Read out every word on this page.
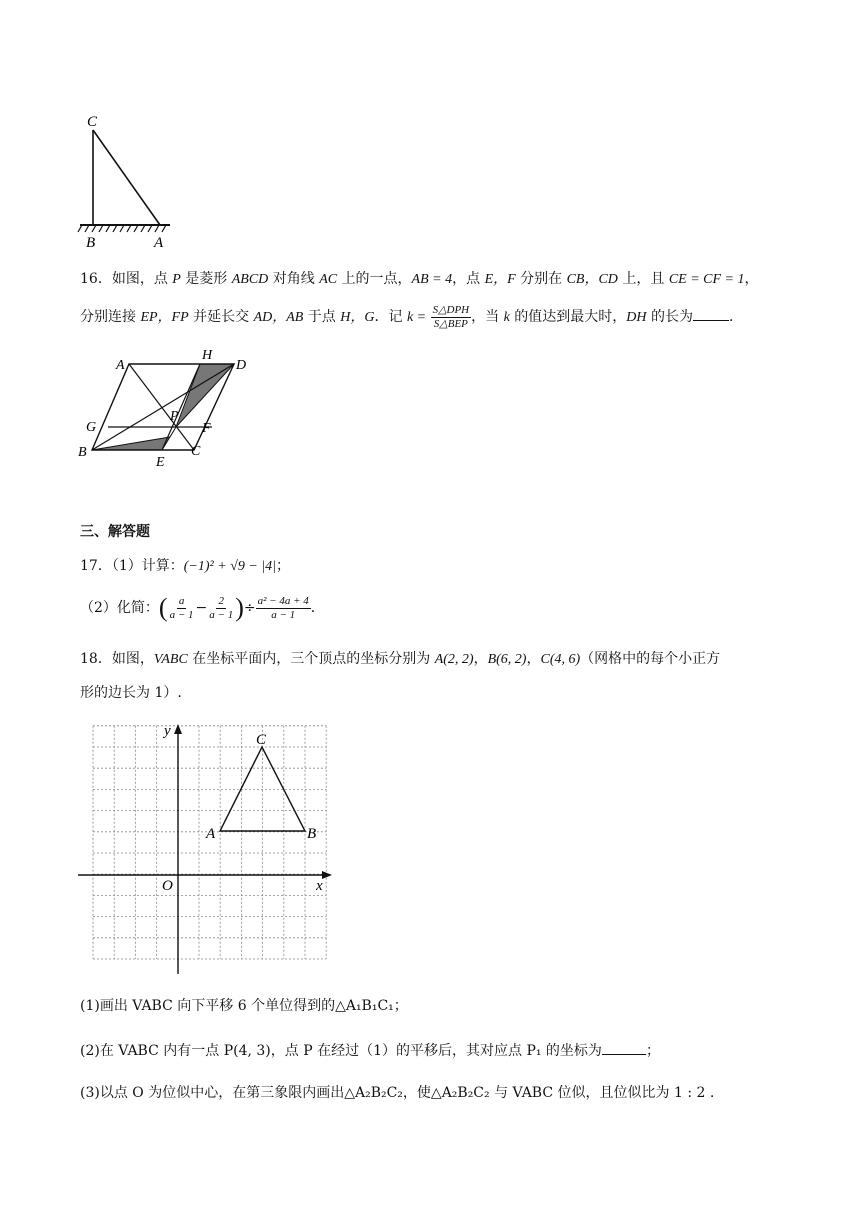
C
B	A
16．如图，点 P 是菱形 ABCD 对角线 AC 上的一点，AB = 4，点 E，F 分别在 CB，CD 上，且 CE = CF = 1，
分别连接 EP，FP 并延长交 AD，AB 于点 H，G．记 $k = \frac{\text{S△DPH}}{\text{S△BEP}}$ ，当 k 的值达到最大时，DH 的长为	．
A
H
D
P
G	F
B
E
C
三、解答题
17．（1）计算：(−1)² + √9 − |4|；
（2）化简：( $\frac{a}{a - 1} - \frac{2}{a - 1}$ )÷ $\frac{\text{a² − 4a + 4}}{a - 1}$ ．
18．如图，VABC 在坐标平面内，三个顶点的坐标分别为 A(2, 2)，B(6, 2)，C(4, 6)（网格中的每个小正方
形的边长为 1）.
y
x
O
A	B
C
(1)画出 VABC 向下平移 6 个单位得到的△A₁B₁C₁；
(2)在 VABC 内有一点 P(4, 3)，点 P 在经过（1）的平移后，其对应点 P₁ 的坐标为	；
(3)以点 O 为位似中心，在第三象限内画出△A₂B₂C₂，使△A₂B₂C₂ 与 VABC 位似，且位似比为 1 : 2 .
